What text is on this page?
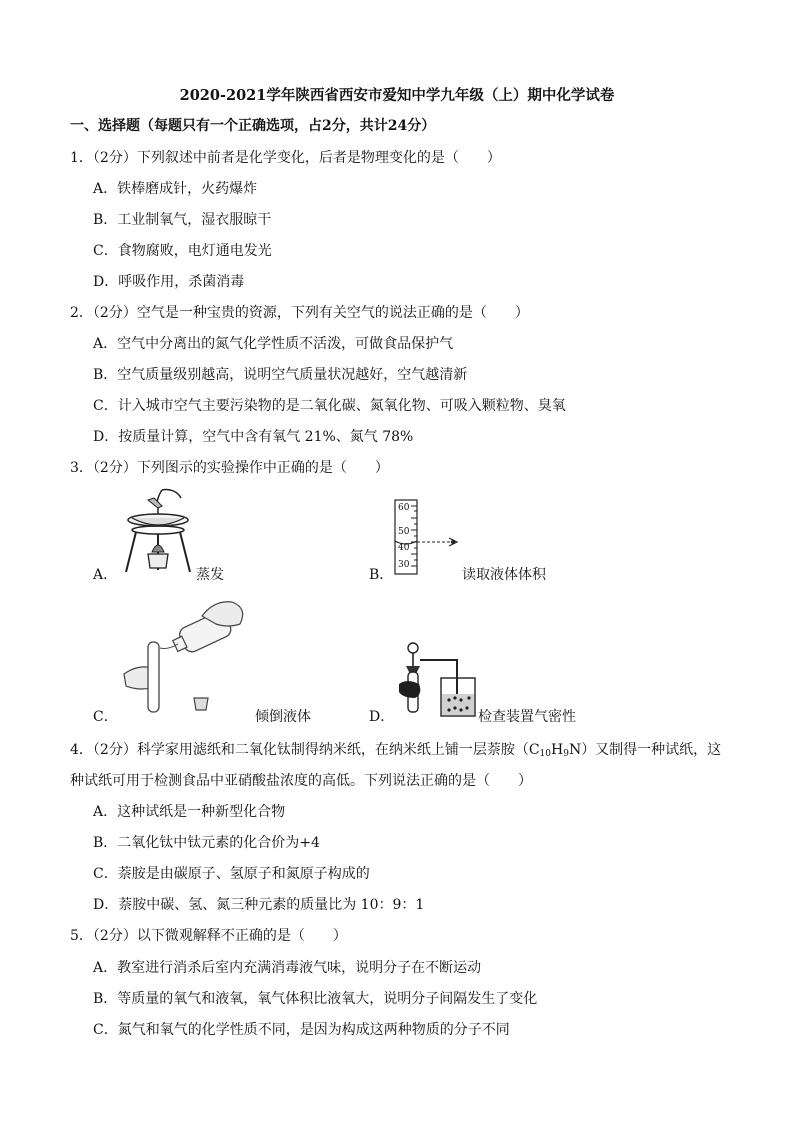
2020-2021学年陕西省西安市爱知中学九年级（上）期中化学试卷
一、选择题（每题只有一个正确选项，占2分，共计24分）
1．（2分）下列叙述中前者是化学变化，后者是物理变化的是（　　）
A．铁棒磨成针，火药爆炸
B．工业制氧气，湿衣服晾干
C．食物腐败，电灯通电发光
D．呼吸作用，杀菌消毒
2．（2分）空气是一种宝贵的资源，下列有关空气的说法正确的是（　　）
A．空气中分离出的氮气化学性质不活泼，可做食品保护气
B．空气质量级别越高，说明空气质量状况越好，空气越清新
C．计入城市空气主要污染物的是二氧化碳、氮氧化物、可吸入颗粒物、臭氧
D．按质量计算，空气中含有氧气 21%、氮气 78%
3．（2分）下列图示的实验操作中正确的是（　　）
A．	蒸发
60
50
40
30
B．	读取液体体积
C．	倾倒液体	D．	检查装置气密性
4．（2分）科学家用滤纸和二氧化钛制得纳米纸，在纳米纸上铺一层萘胺$(C_{10}H_9N)$又制得一种试纸，这
种试纸可用于检测食品中亚硝酸盐浓度的高低。下列说法正确的是（　　）
A．这种试纸是一种新型化合物
B．二氧化钛中钛元素的化合价为+4
C．萘胺是由碳原子、氢原子和氮原子构成的
D．萘胺中碳、氢、氮三种元素的质量比为 10：9：1
5．（2分）以下微观解释不正确的是（　　）
A．教室进行消杀后室内充满消毒液气味，说明分子在不断运动
B．等质量的氧气和液氧，氧气体积比液氧大，说明分子间隔发生了变化
C．氮气和氧气的化学性质不同，是因为构成这两种物质的分子不同
